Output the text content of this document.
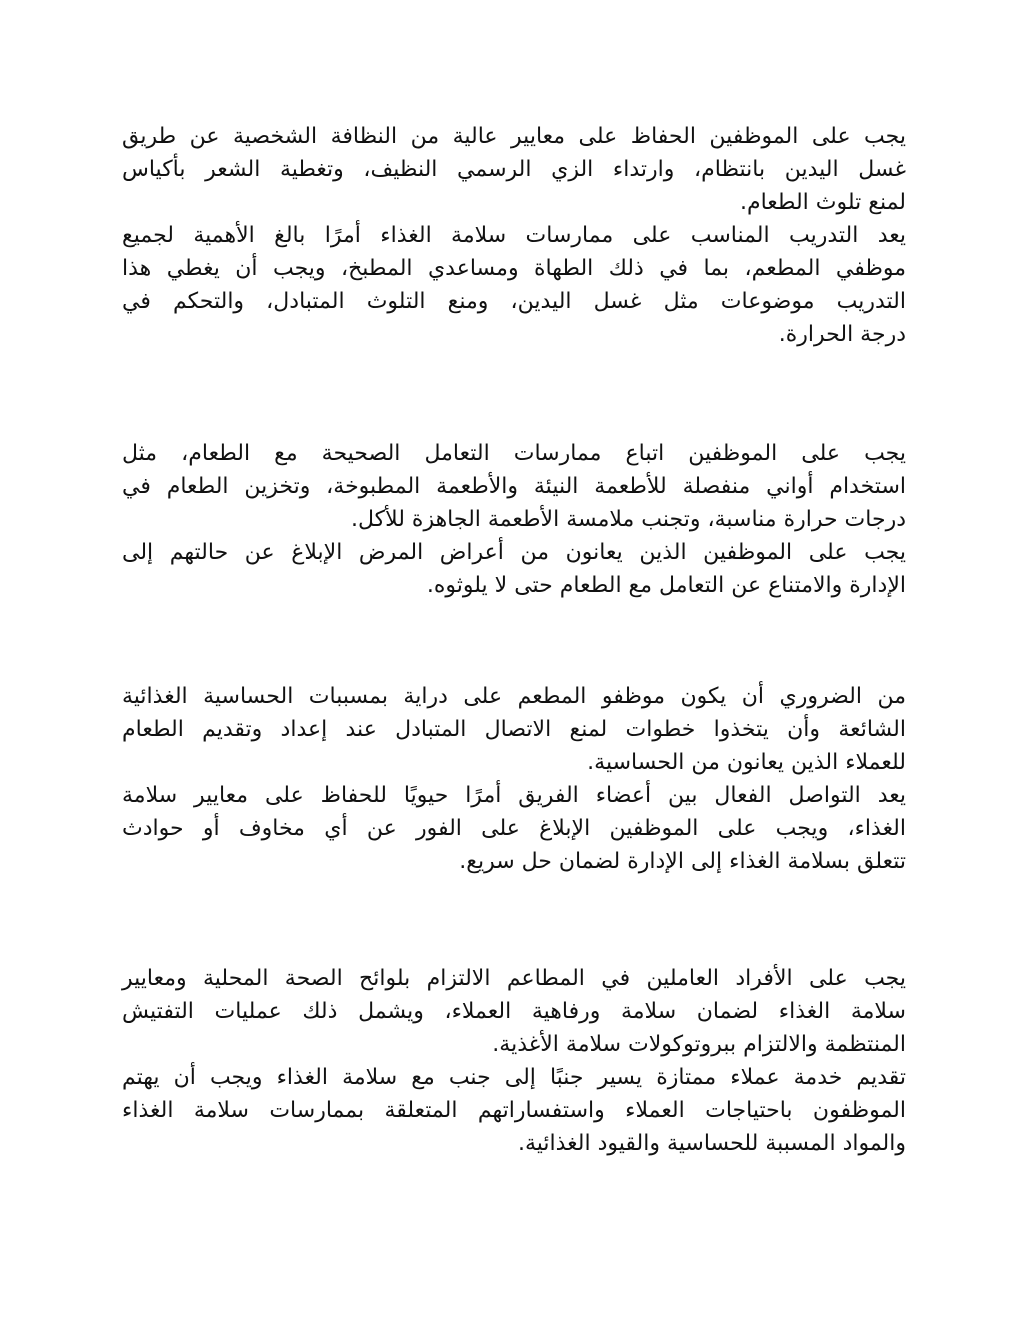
يجب على الموظفين الحفاظ على معايير عالية من النظافة الشخصية عن طريق
غسل اليدين بانتظام، وارتداء الزي الرسمي النظيف، وتغطية الشعر بأكياس
لمنع تلوث الطعام.
يعد التدريب المناسب على ممارسات سلامة الغذاء أمرًا بالغ الأهمية لجميع
موظفي المطعم، بما في ذلك الطهاة ومساعدي المطبخ، ويجب أن يغطي هذا
التدريب موضوعات مثل غسل اليدين، ومنع التلوث المتبادل، والتحكم في
درجة الحرارة.
يجب على الموظفين اتباع ممارسات التعامل الصحيحة مع الطعام، مثل
استخدام أواني منفصلة للأطعمة النيئة والأطعمة المطبوخة، وتخزين الطعام في
درجات حرارة مناسبة، وتجنب ملامسة الأطعمة الجاهزة للأكل.
يجب على الموظفين الذين يعانون من أعراض المرض الإبلاغ عن حالتهم إلى
الإدارة والامتناع عن التعامل مع الطعام حتى لا يلوثوه.
من الضروري أن يكون موظفو المطعم على دراية بمسببات الحساسية الغذائية
الشائعة وأن يتخذوا خطوات لمنع الاتصال المتبادل عند إعداد وتقديم الطعام
للعملاء الذين يعانون من الحساسية.
يعد التواصل الفعال بين أعضاء الفريق أمرًا حيويًا للحفاظ على معايير سلامة
الغذاء، ويجب على الموظفين الإبلاغ على الفور عن أي مخاوف أو حوادث
تتعلق بسلامة الغذاء إلى الإدارة لضمان حل سريع.
يجب على الأفراد العاملين في المطاعم الالتزام بلوائح الصحة المحلية ومعايير
سلامة الغذاء لضمان سلامة ورفاهية العملاء، ويشمل ذلك عمليات التفتيش
المنتظمة والالتزام ببروتوكولات سلامة الأغذية.
تقديم خدمة عملاء ممتازة يسير جنبًا إلى جنب مع سلامة الغذاء ويجب أن يهتم
الموظفون باحتياجات العملاء واستفساراتهم المتعلقة بممارسات سلامة الغذاء
والمواد المسببة للحساسية والقيود الغذائية.
